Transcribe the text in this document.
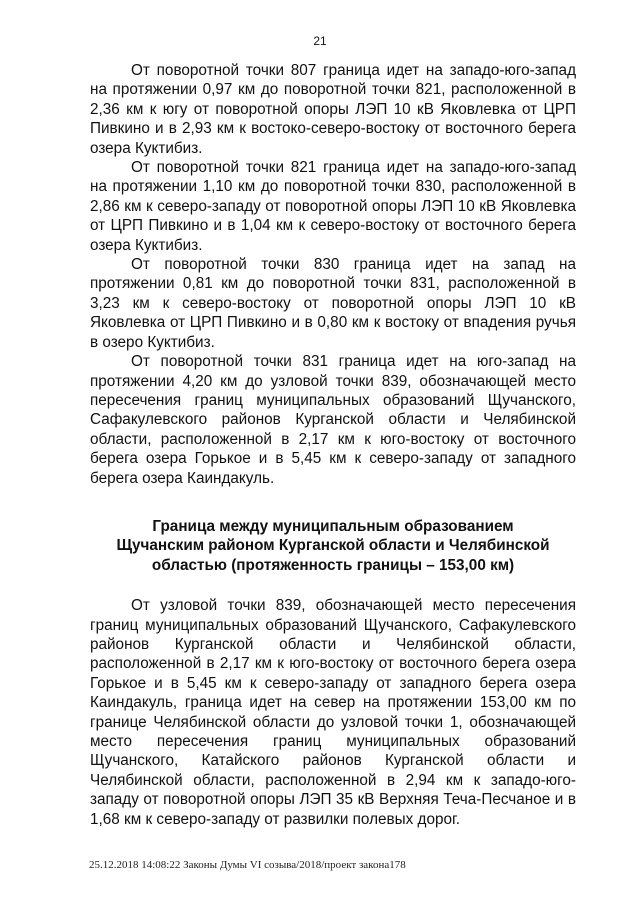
21

От поворотной точки 807 граница идет на западо-юго-запад на протяжении 0,97 км до поворотной точки 821, расположенной в 2,36 км к югу от поворотной опоры ЛЭП 10 кВ Яковлевка от ЦРП Пивкино и в 2,93 км к востоко-северо-востоку от восточного берега озера Куктибиз.

От поворотной точки 821 граница идет на западо-юго-запад на протяжении 1,10 км до поворотной точки 830, расположенной в 2,86 км к северо-западу от поворотной опоры ЛЭП 10 кВ Яковлевка от ЦРП Пивкино и в 1,04 км к северо-востоку от восточного берега озера Куктибиз.

От поворотной точки 830 граница идет на запад на протяжении 0,81 км до поворотной точки 831, расположенной в 3,23 км к северо-востоку от поворотной опоры ЛЭП 10 кВ Яковлевка от ЦРП Пивкино и в 0,80 км к востоку от впадения ручья в озеро Куктибиз.

От поворотной точки 831 граница идет на юго-запад на протяжении 4,20 км до узловой точки 839, обозначающей место пересечения границ муниципальных образований Щучанского, Сафакулевского районов Курганской области и Челябинской области, расположенной в 2,17 км к юго-востоку от восточного берега озера Горькое и в 5,45 км к северо-западу от западного берега озера Каиндакуль.

Граница между муниципальным образованием
Щучанским районом Курганской области и Челябинской
областью (протяженность границы – 153,00 км)

От узловой точки 839, обозначающей место пересечения границ муниципальных образований Щучанского, Сафакулевского районов Курганской области и Челябинской области, расположенной в 2,17 км к юго-востоку от восточного берега озера Горькое и в 5,45 км к северо-западу от западного берега озера Каиндакуль, граница идет на север на протяжении 153,00 км по границе Челябинской области до узловой точки 1, обозначающей место пересечения границ муниципальных образований Щучанского, Катайского районов Курганской области и Челябинской области, расположенной в 2,94 км к западо-юго-западу от поворотной опоры ЛЭП 35 кВ Верхняя Теча-Песчаное и в 1,68 км к северо-западу от развилки полевых дорог.

25.12.2018 14:08:22 Законы Думы VI созыва/2018/проект закона178
